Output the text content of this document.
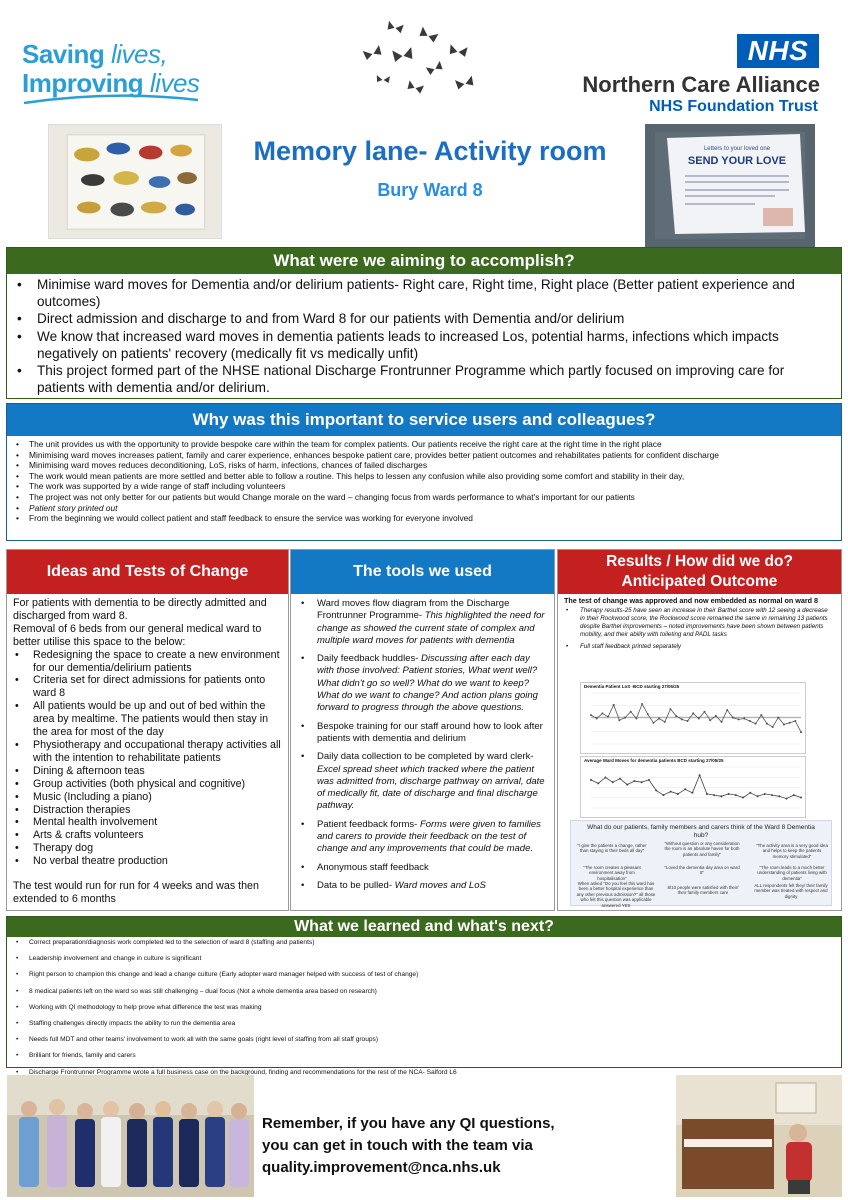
Saving lives,
Improving lives
NHS
Northern Care Alliance
NHS Foundation Trust
Letters to your loved one
SEND YOUR LOVE
Memory lane- Activity room
Bury Ward 8
What were we aiming to accomplish?
• Minimise ward moves for Dementia and/or delirium patients- Right care, Right time, Right place (Better patient experience and outcomes)
• Direct admission and discharge to and from Ward 8 for our patients with Dementia and/or delirium
• We know that increased ward moves in dementia patients leads to increased Los, potential harms, infections which impacts negatively on patients' recovery (medically fit vs medically unfit)
• This project formed part of the NHSE national Discharge Frontrunner Programme which partly focused on improving care for patients with dementia and/or delirium.
Why was this important to service users and colleagues?
• The unit provides us with the opportunity to provide bespoke care within the team for complex patients. Our patients receive the right care at the right time in the right place
• Minimising ward moves increases patient, family and carer experience, enhances bespoke patient care, provides better patient outcomes and rehabilitates patients for confident discharge
• Minimising ward moves reduces deconditioning, LoS, risks of harm, infections, chances of failed discharges
• The work would mean patients are more settled and better able to follow a routine. This helps to lessen any confusion while also providing some comfort and stability in their day,
• The work was supported by a wide range of staff including volunteers
• The project was not only better for our patients but would Change morale on the ward – changing focus from wards performance to what's important for our patients
• Patient story printed out
• From the beginning we would collect patient and staff feedback to ensure the service was working for everyone involved
Ideas and Tests of Change
For patients with dementia to be directly admitted and discharged from ward 8.
Removal of 6 beds from our general medical ward to better utilise this space to the below:
• Redesigning the space to create a new environment for our dementia/delirium patients
• Criteria set for direct admissions for patients onto ward 8
• All patients would be up and out of bed within the area by mealtime. The patients would then stay in the area for most of the day
• Physiotherapy and occupational therapy activities all with the intention to rehabilitate patients
• Dining & afternoon teas
• Group activities (both physical and cognitive)
• Music (Including a piano)
• Distraction therapies
• Mental health involvement
• Arts & crafts volunteers
• Therapy dog
• No verbal theatre production
The test would run for run for 4 weeks and was then extended to 6 months
The tools we used
• Ward moves flow diagram from the Discharge Frontrunner Programme- This highlighted the need for change as showed the current state of complex and multiple ward moves for patients with dementia
• Daily feedback huddles- Discussing after each day with those involved: Patient stories, What went well? What didn't go so well? What do we want to keep? What do we want to change? And action plans going forward to progress through the above questions.
• Bespoke training for our staff around how to look after patients with dementia and delirium
• Daily data collection to be completed by ward clerk- Excel spread sheet which tracked where the patient was admitted from, discharge pathway on arrival, date of medically fit, date of discharge and final discharge pathway.
• Patient feedback forms- Forms were given to families and carers to provide their feedback on the test of change and any improvements that could be made.
• Anonymous staff feedback
• Data to be pulled- Ward moves and LoS
Results / How did we do?
Anticipated Outcome
The test of change was approved and now embedded as normal on ward 8
• Therapy results-25 have seen an increase in their Barthel score with 12 seeing a decrease in their Rockwood score, the Rockwood score remained the same in remaining 13 patients despite Barthel improvements – noted improvements have been shown between patients mobility, and their ability with toileting and PADL tasks
• Full staff feedback printed separately
Dementia Patient LoS -BCD starting 27/05/25
Average Ward Moves for dementia patients BCD starting 27/05/25
What do our patients, family members and carers think of the Ward 8 Dementia hub?
"I give the patients a change, rather than staying in their beds all day"
"Without question or any consideration the room is an absolute haven for both patients and family"
"The activity area is a very good idea and helps to keep the patients memory stimulated"
"The room creates a pleasant environment away from hospitalisation"
"Loved the dementia day area on ward 8"
"The room leads to a much better understanding of patients living with dementia"
When asked "Do you feel this ward has been a better hospital experience than any other previous admission?" all those who felt this question was applicable answered YES
8/10 people were satisfied with their/ their family members care
ALL respondents felt they/ their family member was treated with respect and dignity
What we learned and what's next?
• Correct preparation/diagnosis work completed led to the selection of ward 8 (staffing and patients)
• Leadership involvement and change in culture is significant
• Right person to champion this change and lead a change culture (Early adopter ward manager helped with success of test of change)
• 8 medical patients left on the ward so was still challenging – dual focus (Not a whole dementia area based on research)
• Working with QI methodology to help prove what difference the test was making
• Staffing challenges directly impacts the ability to run the dementia area
• Needs full MDT and other teams' involvement to work all with the same goals (right level of staffing from all staff groups)
• Brilliant for friends, family and carers
• Discharge Frontrunner Programme wrote a full business case on the background, finding and recommendations for the rest of the NCA- Salford L6
Remember, if you have any QI questions,
you can get in touch with the team via
quality.improvement@nca.nhs.uk
